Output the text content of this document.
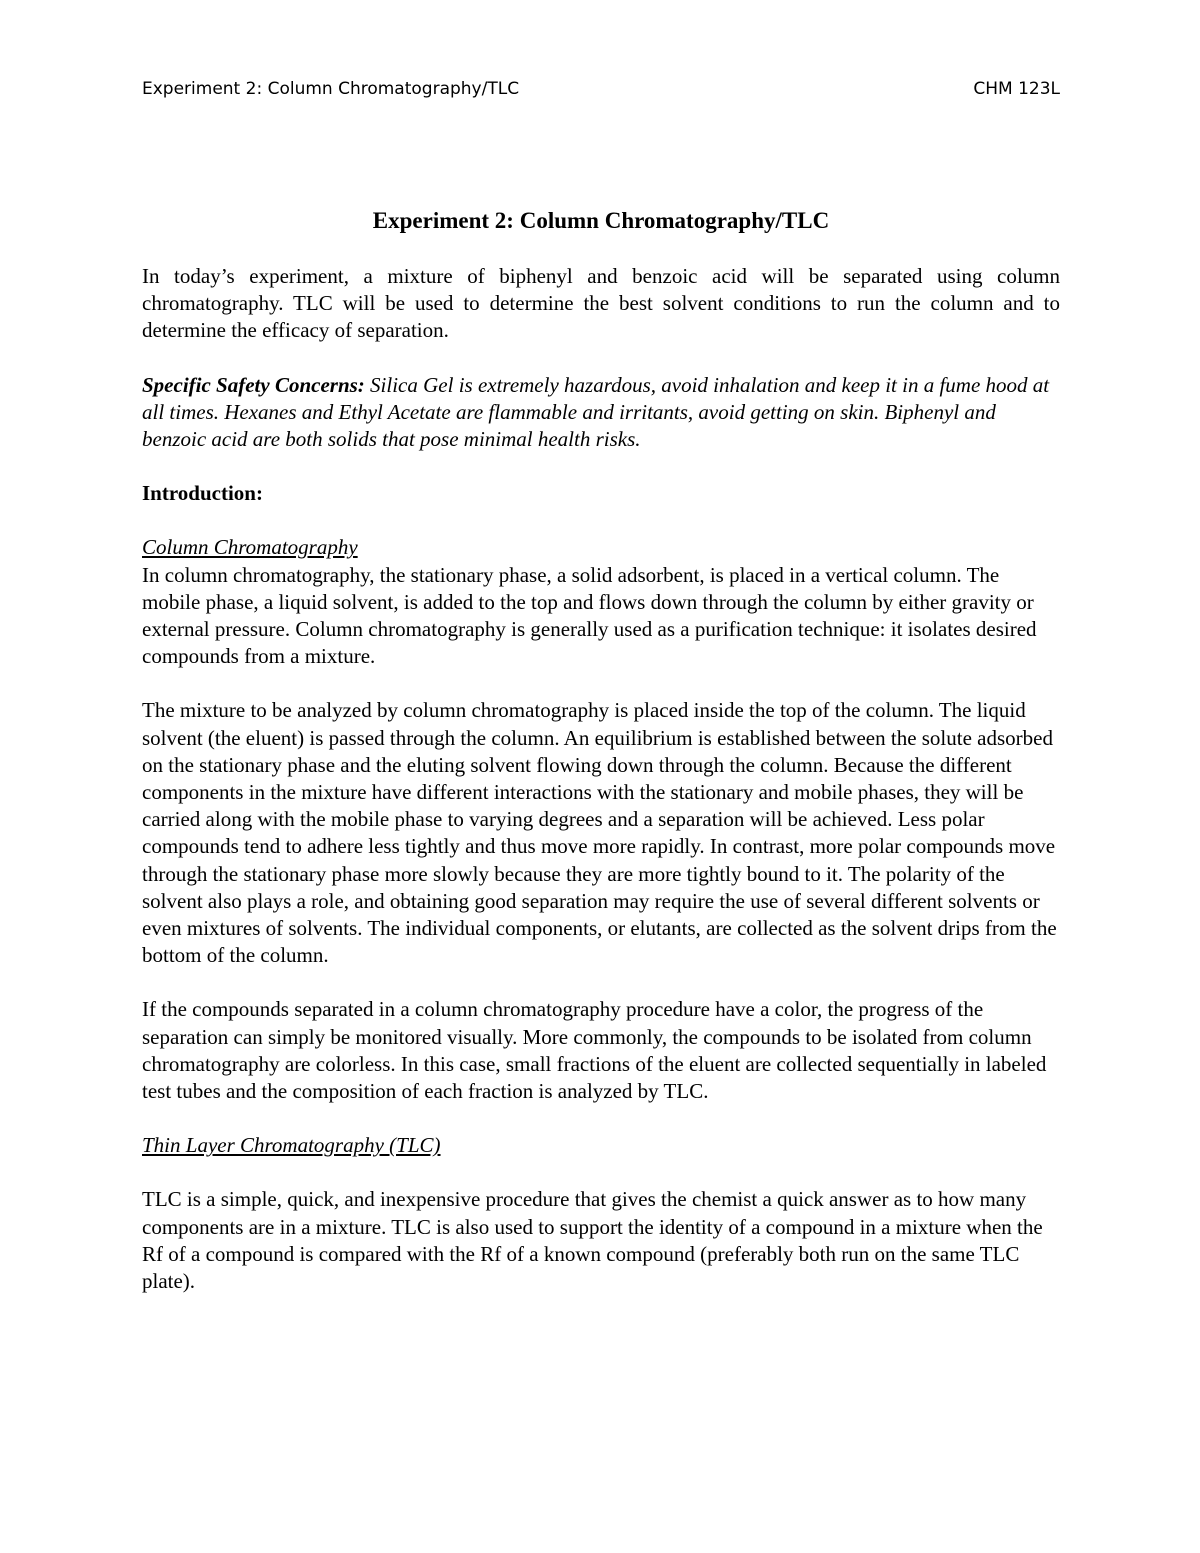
Experiment 2: Column Chromatography/TLC	CHM 123L
Experiment 2: Column Chromatography/TLC

In today’s experiment, a mixture of biphenyl and benzoic acid will be separated using column chromatography. TLC will be used to determine the best solvent conditions to run the column and to determine the efficacy of separation.

Specific Safety Concerns: Silica Gel is extremely hazardous, avoid inhalation and keep it in a fume hood at all times. Hexanes and Ethyl Acetate are flammable and irritants, avoid getting on skin. Biphenyl and benzoic acid are both solids that pose minimal health risks.

Introduction:
Column Chromatography

In column chromatography, the stationary phase, a solid adsorbent, is placed in a vertical column. The mobile phase, a liquid solvent, is added to the top and flows down through the column by either gravity or external pressure. Column chromatography is generally used as a purification technique: it isolates desired compounds from a mixture.

The mixture to be analyzed by column chromatography is placed inside the top of the column. The liquid solvent (the eluent) is passed through the column. An equilibrium is established between the solute adsorbed on the stationary phase and the eluting solvent flowing down through the column. Because the different components in the mixture have different interactions with the stationary and mobile phases, they will be carried along with the mobile phase to varying degrees and a separation will be achieved. Less polar compounds tend to adhere less tightly and thus move more rapidly. In contrast, more polar compounds move through the stationary phase more slowly because they are more tightly bound to it. The polarity of the solvent also plays a role, and obtaining good separation may require the use of several different solvents or even mixtures of solvents. The individual components, or elutants, are collected as the solvent drips from the bottom of the column.

If the compounds separated in a column chromatography procedure have a color, the progress of the separation can simply be monitored visually. More commonly, the compounds to be isolated from column chromatography are colorless. In this case, small fractions of the eluent are collected sequentially in labeled test tubes and the composition of each fraction is analyzed by TLC.

Thin Layer Chromatography (TLC)

TLC is a simple, quick, and inexpensive procedure that gives the chemist a quick answer as to how many components are in a mixture. TLC is also used to support the identity of a compound in a mixture when the Rf of a compound is compared with the Rf of a known compound (preferably both run on the same TLC plate).
